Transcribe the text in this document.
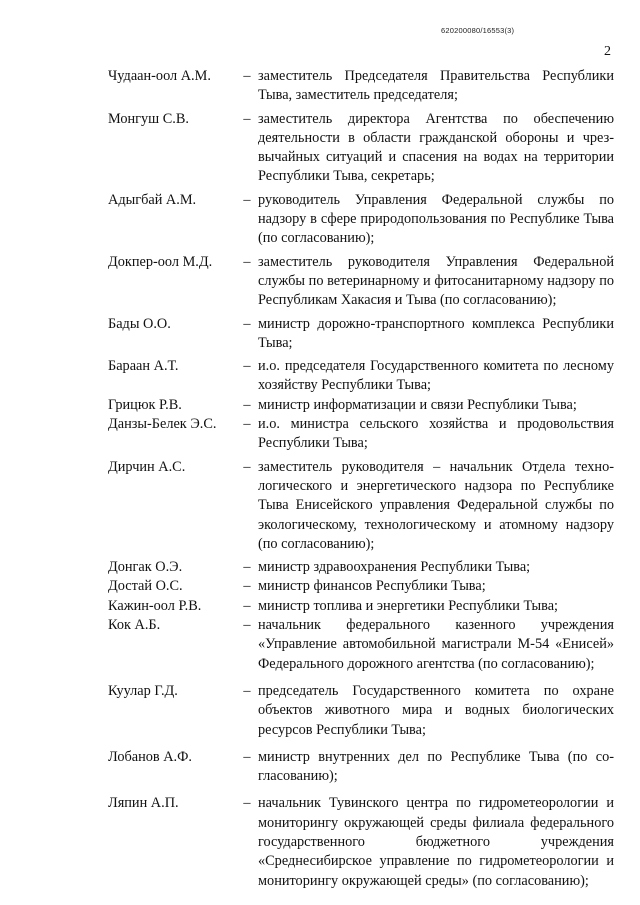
620200080/16553(3)
2
Чудаан-оол А.М.	– заместитель Председателя Правительства Республики Тыва, заместитель председателя;
Монгуш С.В.	– заместитель директора Агентства по обеспечению деятельности в области гражданской обороны и чрезвычайных ситуаций и спасения на водах на территории Республики Тыва, секретарь;
Адыгбай А.М.	– руководитель Управления Федеральной службы по надзору в сфере природопользования по Республике Тыва (по согласованию);
Докпер-оол М.Д.	– заместитель руководителя Управления Федеральной службы по ветеринарному и фитосанитарному надзору по Республикам Хакасия и Тыва (по согласованию);
Бады О.О.	– министр дорожно-транспортного комплекса Республики Тыва;
Бараан А.Т.	– и.о. председателя Государственного комитета по лесному хозяйству Республики Тыва;
Грицюк Р.В.	– министр информатизации и связи Республики Тыва;
Данзы-Белек Э.С.	– и.о. министра сельского хозяйства и продовольствия Республики Тыва;
Дирчин А.С.	– заместитель руководителя – начальник Отдела технологического и энергетического надзора по Республике Тыва Енисейского управления Федеральной службы по экологическому, технологическому и атомному надзору (по согласованию);
Донгак О.Э.	– министр здравоохранения Республики Тыва;
Достай О.С.	– министр финансов Республики Тыва;
Кажин-оол Р.В.	– министр топлива и энергетики Республики Тыва;
Кок А.Б.	– начальник федерального казенного учреждения «Управление автомобильной магистрали М-54 «Енисей» Федерального дорожного агентства (по согласованию);
Куулар Г.Д.	– председатель Государственного комитета по охране объектов животного мира и водных биологических ресурсов Республики Тыва;
Лобанов А.Ф.	– министр внутренних дел по Республике Тыва (по согласованию);
Ляпин А.П.	– начальник Тувинского центра по гидрометеорологии и мониторингу окружающей среды филиала федерального государственного бюджетного учреждения «Среднесибирское управление по гидрометеорологии и мониторингу окружающей среды» (по согласованию);
